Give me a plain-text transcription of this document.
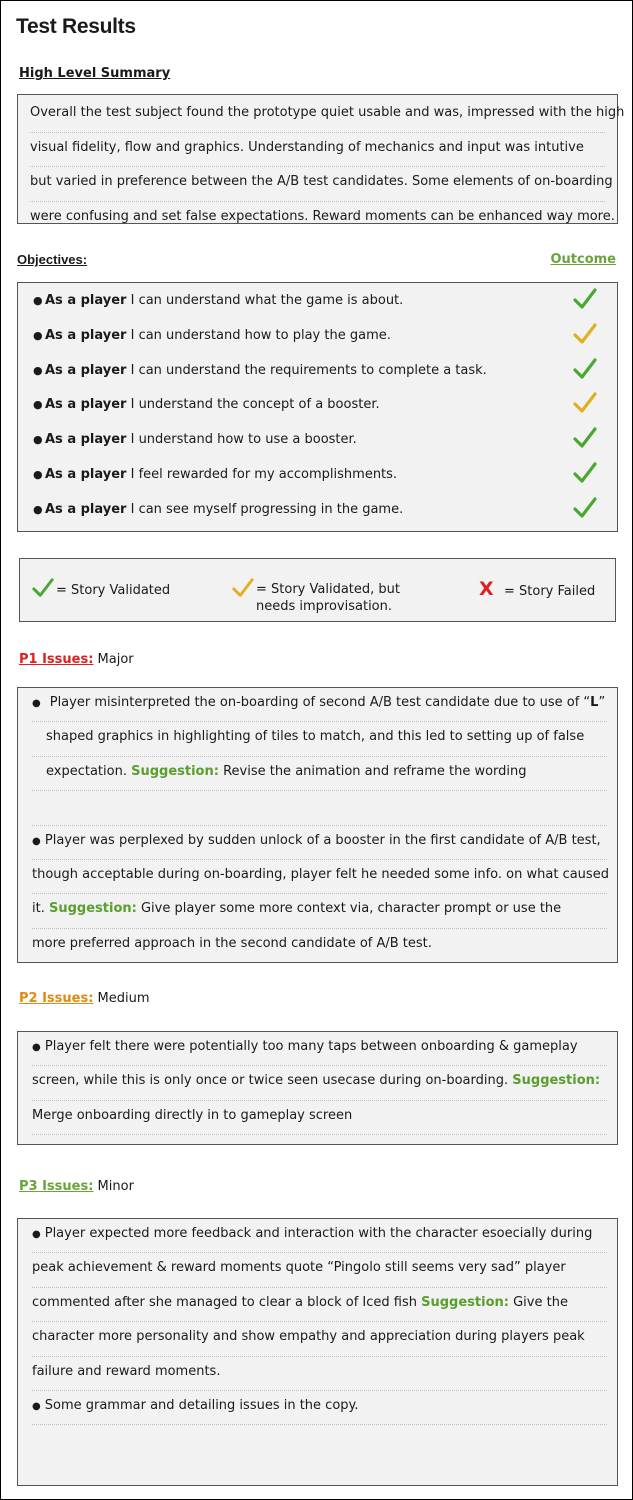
Test Results
High Level Summary
Overall the test subject found the prototype quiet usable and was, impressed with the high
visual fidelity, flow and graphics. Understanding of mechanics and input was intutive
but varied in preference between the A/B test candidates. Some elements of on-boarding
were confusing and set false expectations. Reward moments can be enhanced way more.
Objectives:	Outcome
● As a player I can understand what the game is about.
● As a player I can understand how to play the game.
● As a player I can understand the requirements to complete a task.
● As a player I understand the concept of a booster.
● As a player I understand how to use a booster.
● As a player I feel rewarded for my accomplishments.
● As a player I can see myself progressing in the game.
= Story Validated	= Story Validated, but
needs improvisation.
X = Story Failed
P1 Issues: Major
● Player misinterpreted the on-boarding of second A/B test candidate due to use of “L”
shaped graphics in highlighting of tiles to match, and this led to setting up of false
expectation. Suggestion: Revise the animation and reframe the wording
● Player was perplexed by sudden unlock of a booster in the first candidate of A/B test,
though acceptable during on-boarding, player felt he needed some info. on what caused
it. Suggestion: Give player some more context via, character prompt or use the
more preferred approach in the second candidate of A/B test.
P2 Issues: Medium
● Player felt there were potentially too many taps between onboarding & gameplay
screen, while this is only once or twice seen usecase during on-boarding. Suggestion:
Merge onboarding directly in to gameplay screen
P3 Issues: Minor
● Player expected more feedback and interaction with the character esoecially during
peak achievement & reward moments quote “Pingolo still seems very sad” player
commented after she managed to clear a block of Iced fish Suggestion: Give the
character more personality and show empathy and appreciation during players peak
failure and reward moments.
● Some grammar and detailing issues in the copy.
